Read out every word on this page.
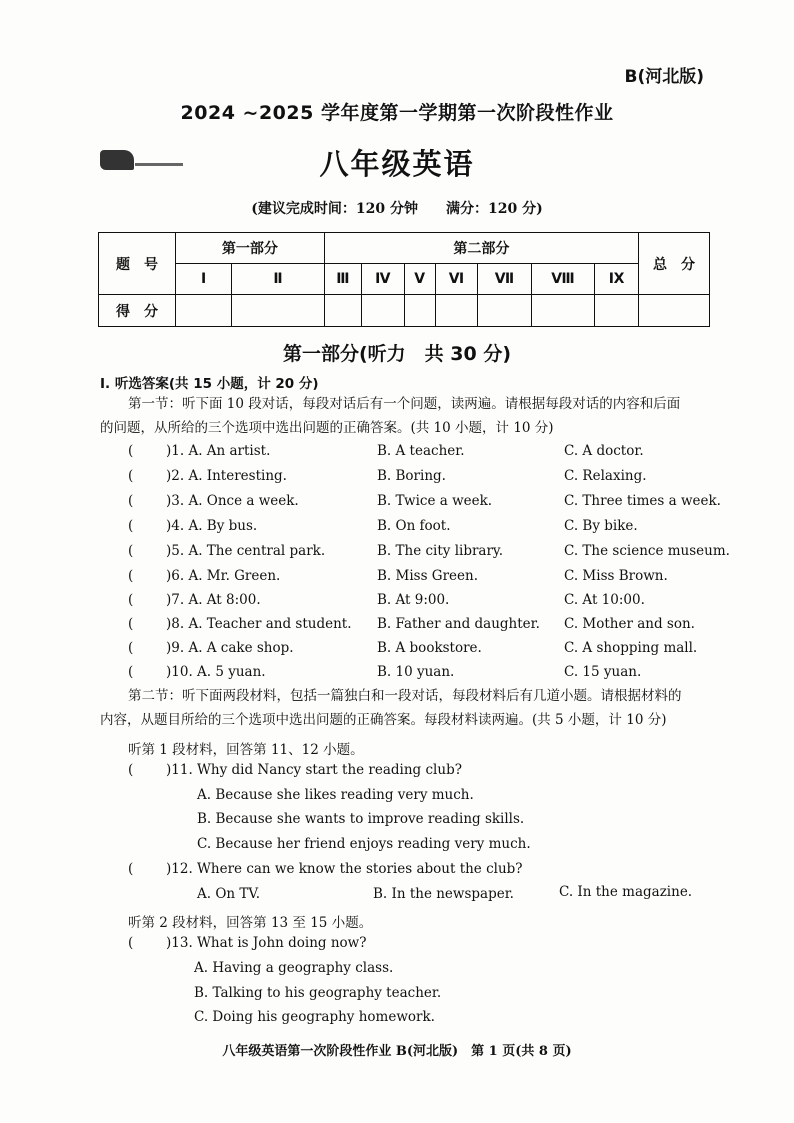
B(河北版)
2024 ~2025 学年度第一学期第一次阶段性作业
八年级英语
(建议完成时间：120 分钟　　满分：120 分)
题　号	第一部分		第二部分							总　分
	Ⅰ	Ⅱ	Ⅲ	Ⅳ	Ⅴ	Ⅵ	Ⅶ	Ⅷ	Ⅸ	
得　分										
第一部分(听力　共 30 分)
Ⅰ. 听选答案(共 15 小题，计 20 分)
第一节：听下面 10 段对话，每段对话后有一个问题，读两遍。请根据每段对话的内容和后面
的问题，从所给的三个选项中选出问题的正确答案。(共 10 小题，计 10 分)
( )1. A. An artist.	B. A teacher.	C. A doctor.
( )2. A. Interesting.	B. Boring.	C. Relaxing.
( )3. A. Once a week.	B. Twice a week.	C. Three times a week.
( )4. A. By bus.	B. On foot.	C. By bike.
( )5. A. The central park.	B. The city library.	C. The science museum.
( )6. A. Mr. Green.	B. Miss Green.	C. Miss Brown.
( )7. A. At 8:00.	B. At 9:00.	C. At 10:00.
( )8. A. Teacher and student. B. Father and daughter. C. Mother and son.
( )9. A. A cake shop.	B. A bookstore.	C. A shopping mall.
( )10. A. 5 yuan.	B. 10 yuan.	C. 15 yuan.
第二节：听下面两段材料，包括一篇独白和一段对话，每段材料后有几道小题。请根据材料的
内容，从题目所给的三个选项中选出问题的正确答案。每段材料读两遍。(共 5 小题，计 10 分)
听第 1 段材料，回答第 11、12 小题。
( )11. Why did Nancy start the reading club?
A. Because she likes reading very much.
B. Because she wants to improve reading skills.
C. Because her friend enjoys reading very much.
( )12. Where can we know the stories about the club?
A. On TV.	B. In the newspaper.	C. In the magazine.
听第 2 段材料，回答第 13 至 15 小题。
( )13. What is John doing now?
A. Having a geography class.
B. Talking to his geography teacher.
C. Doing his geography homework.
八年级英语第一次阶段性作业 B(河北版)　第 1 页(共 8 页)
